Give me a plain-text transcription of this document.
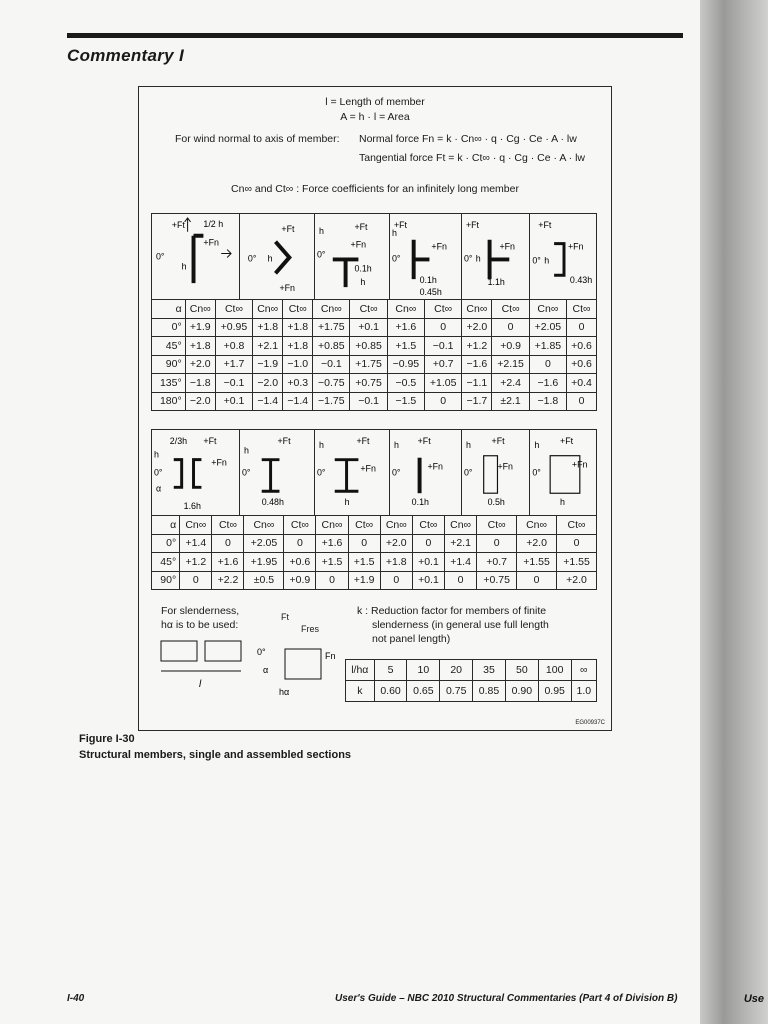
Commentary I
l = Length of member
A = h · l = Area
For wind normal to axis of member: Normal force Fn = k · Cn∞ · q · Cg · Ce · A · lw
Tangential force Ft = k · Ct∞ · q · Cg · Ce · A · lw
Cn∞ and Ct∞ : Force coefficients for an infinitely long member
+Ft 1/2 h
+Fn
0°
h
+Ft
0° h
+Fn
h	+Ft
+Fn
0°
0.1h
h
+Ft
h
+Fn
0°
0.1h
0.45h
+Ft
+Fn
0° h
1.1h
+Ft
+Fn
0° h
0.43h
α	Cn∞	Ct∞	Cn∞	Ct∞	Cn∞	Ct∞	Cn∞	Ct∞	Cn∞	Ct∞	Cn∞	Ct∞
0°	+1.9	+0.95	+1.8	+1.8	+1.75	+0.1	+1.6	0	+2.0	0	+2.05	0
45°	+1.8	+0.8	+2.1	+1.8	+0.85	+0.85	+1.5	−0.1	+1.2	+0.9	+1.85	+0.6
90°	+2.0	+1.7	−1.9	−1.0	−0.1	+1.75	−0.95	+0.7	−1.6	+2.15	0	+0.6
135°	−1.8	−0.1	−2.0	+0.3	−0.75	+0.75	−0.5	+1.05	−1.1	+2.4	−1.6	+0.4
180°	−2.0	+0.1	−1.4	−1.4	−1.75	−0.1	−1.5	0	−1.7	±2.1	−1.8	0
2/3h +Ft
h
+Fn
0°
α
1.6h
h
+Ft
0°
0.48h
h	+Ft
+Fn
0°
h
h +Ft
+Fn
0°
0.1h
h +Ft
+Fn
0°
0.5h
h +Ft
+Fn
0°
h
α	Cn∞	Ct∞	Cn∞	Ct∞	Cn∞	Ct∞	Cn∞	Ct∞	Cn∞	Ct∞	Cn∞	Ct∞
0°	+1.4	0	+2.05	0	+1.6	0	+2.0	0	+2.1	0	+2.0	0
45°	+1.2	+1.6	+1.95	+0.6	+1.5	+1.5	+1.8	+0.1	+1.4	+0.7	+1.55	+1.55
90°	0	+2.2	±0.5	+0.9	0	+1.9	0	+0.1	0	+0.75	0	+2.0
For slenderness,
hα is to be used:
l
0°
α
Fn
hα
Ft
Fres
k : Reduction factor for members of finite
slenderness (in general use full length
not panel length)
l/hα	5	10	20	35	50	100	∞
k	0.60	0.65	0.75	0.85	0.90	0.95	1.0
EG00937C
Figure I-30
Structural members, single and assembled sections
I-40	User's Guide – NBC 2010 Structural Commentaries (Part 4 of Division B)	Use
